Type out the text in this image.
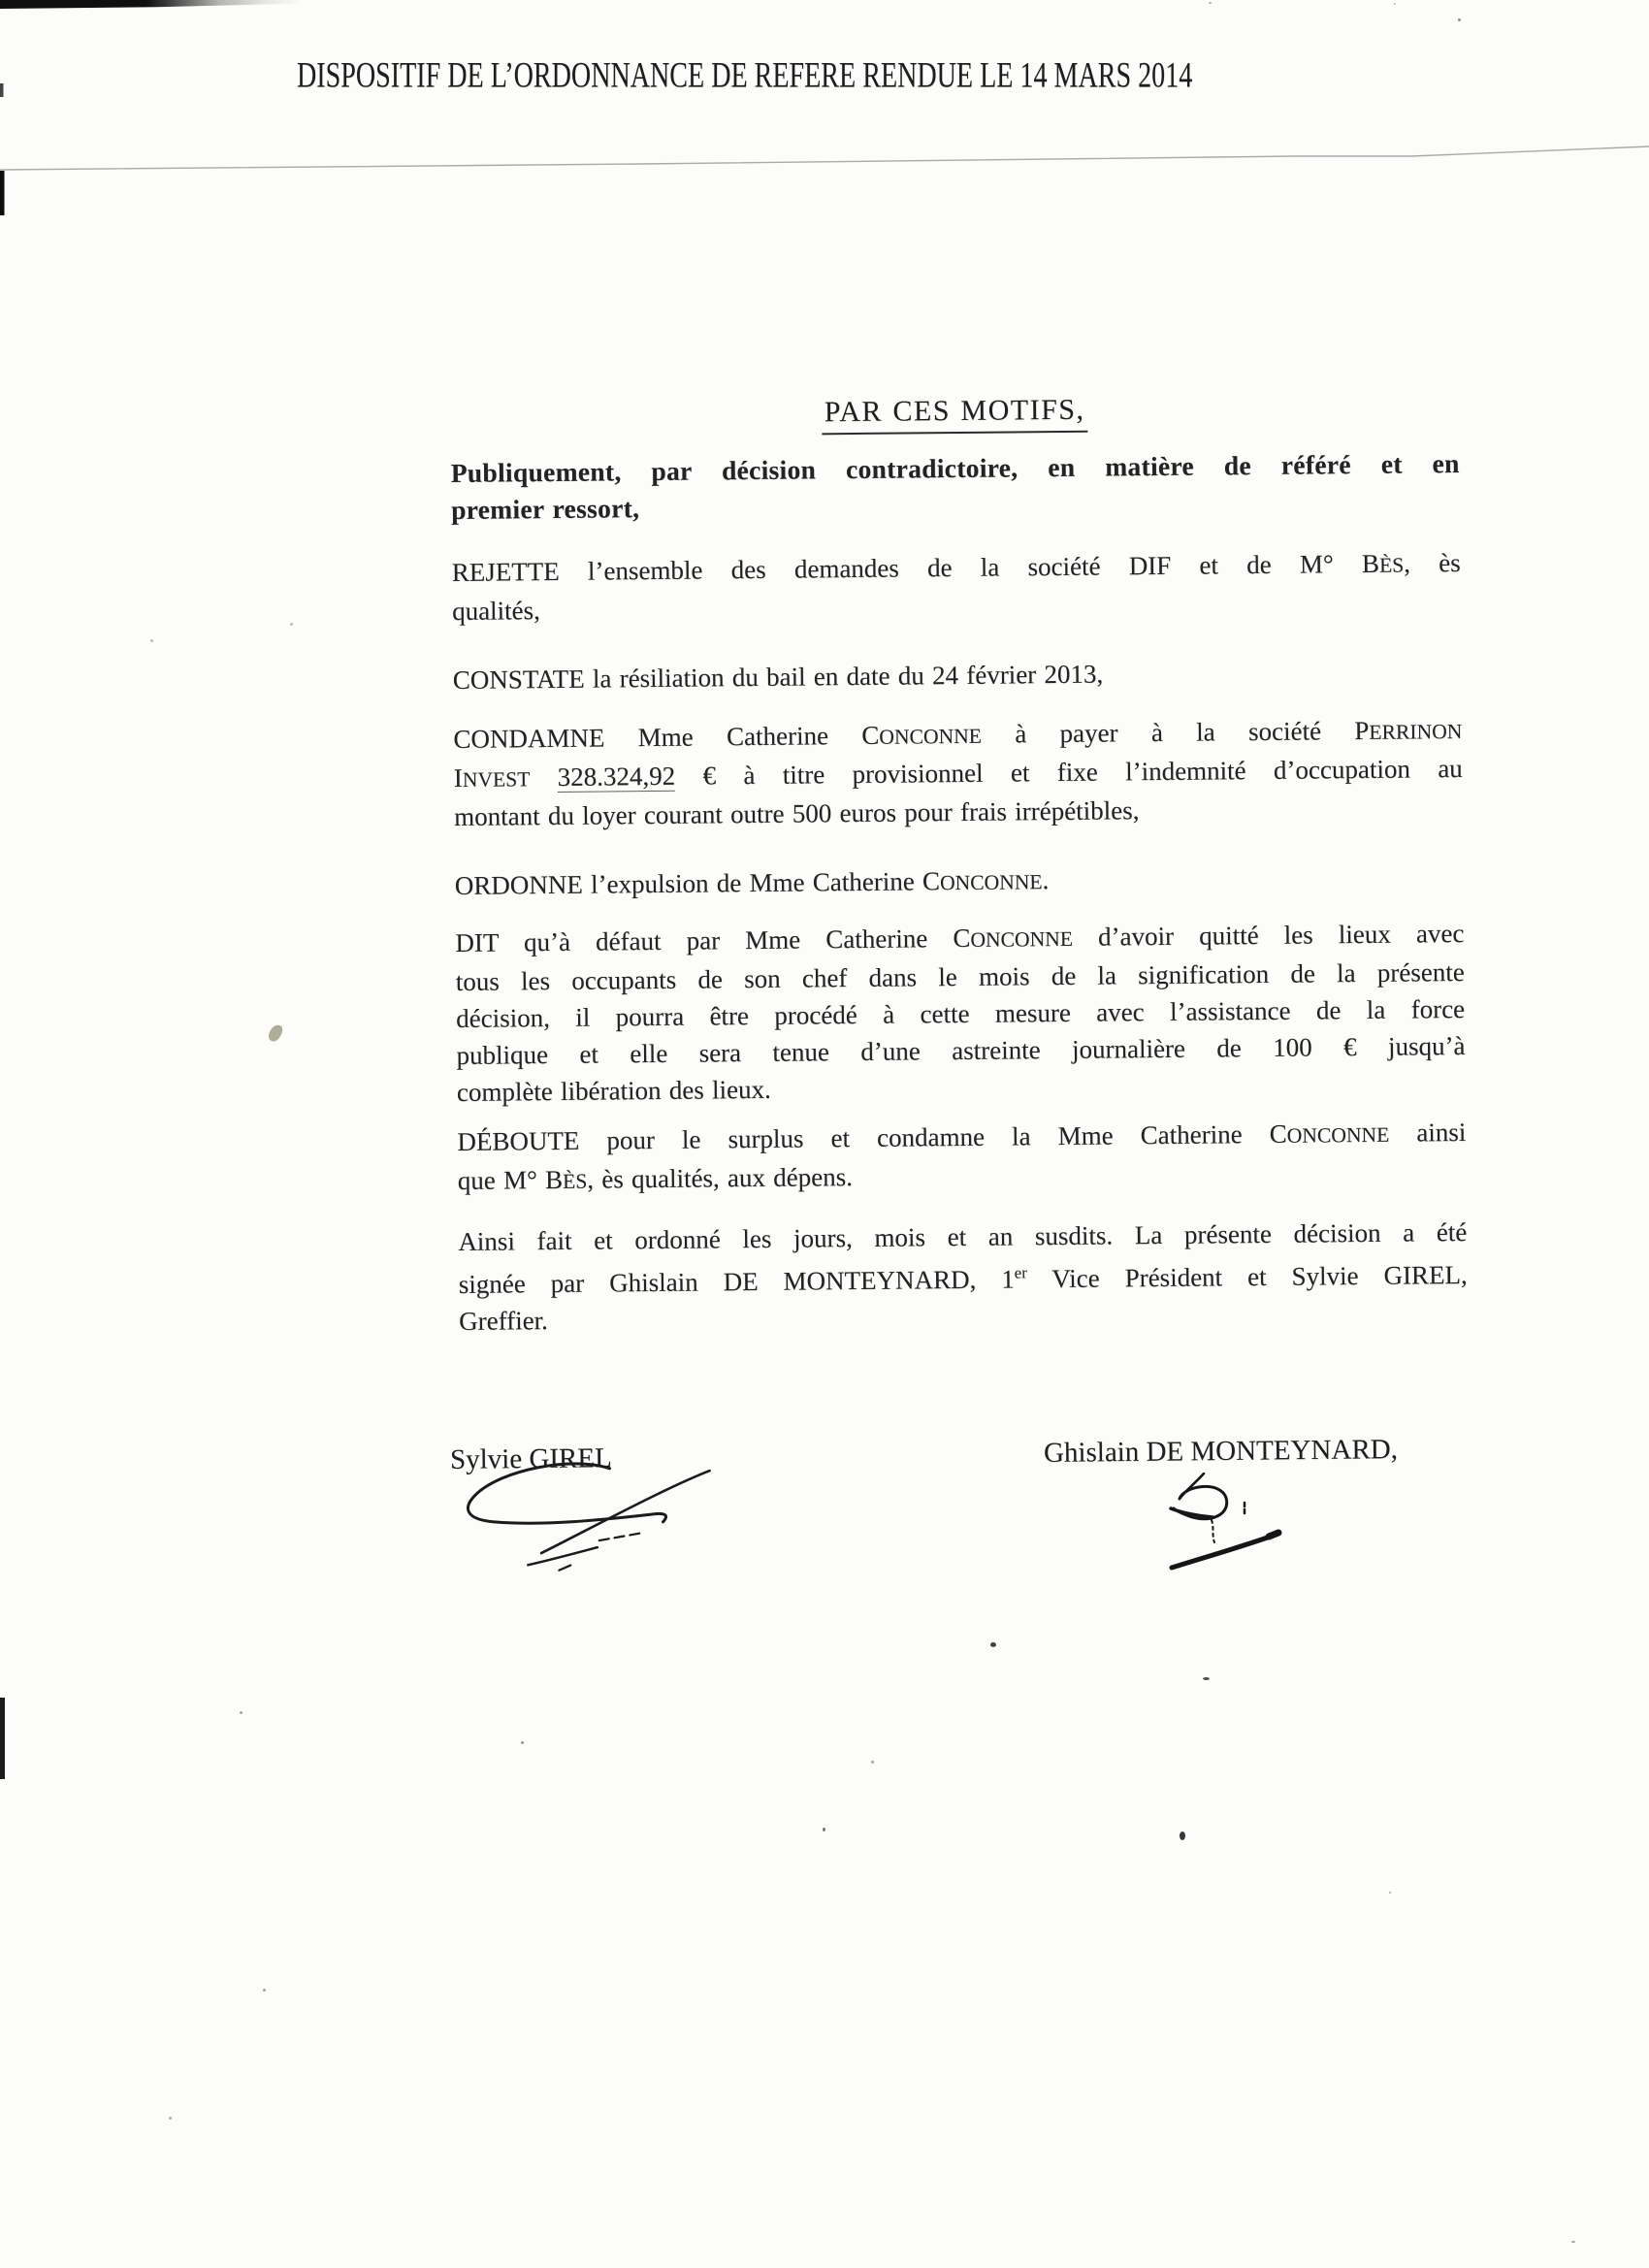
DISPOSITIF DE L’ORDONNANCE DE REFERE RENDUE LE 14 MARS 2014
PAR CES MOTIFS,
Publiquement, par décision contradictoire, en matière de référé et en
premier ressort,
REJETTE l’ensemble des demandes de la société DIF et de M° BÈS, ès
qualités,
CONSTATE la résiliation du bail en date du 24 février 2013,
CONDAMNE Mme Catherine CONCONNE à payer à la société PERRINON
INVEST 328.324,92 € à titre provisionnel et fixe l’indemnité d’occupation au
montant du loyer courant outre 500 euros pour frais irrépétibles,
ORDONNE l’expulsion de Mme Catherine CONCONNE.
DIT qu’à défaut par Mme Catherine CONCONNE d’avoir quitté les lieux avec
tous les occupants de son chef dans le mois de la signification de la présente
décision, il pourra être procédé à cette mesure avec l’assistance de la force
publique et elle sera tenue d’une astreinte journalière de 100 € jusqu’à
complète libération des lieux.
DÉBOUTE pour le surplus et condamne la Mme Catherine CONCONNE ainsi
que M° BÈS, ès qualités, aux dépens.
Ainsi fait et ordonné les jours, mois et an susdits. La présente décision a été
signée par Ghislain DE MONTEYNARD, 1er Vice Président et Sylvie GIREL,
Greffier.
Sylvie GIREL	Ghislain DE MONTEYNARD,
